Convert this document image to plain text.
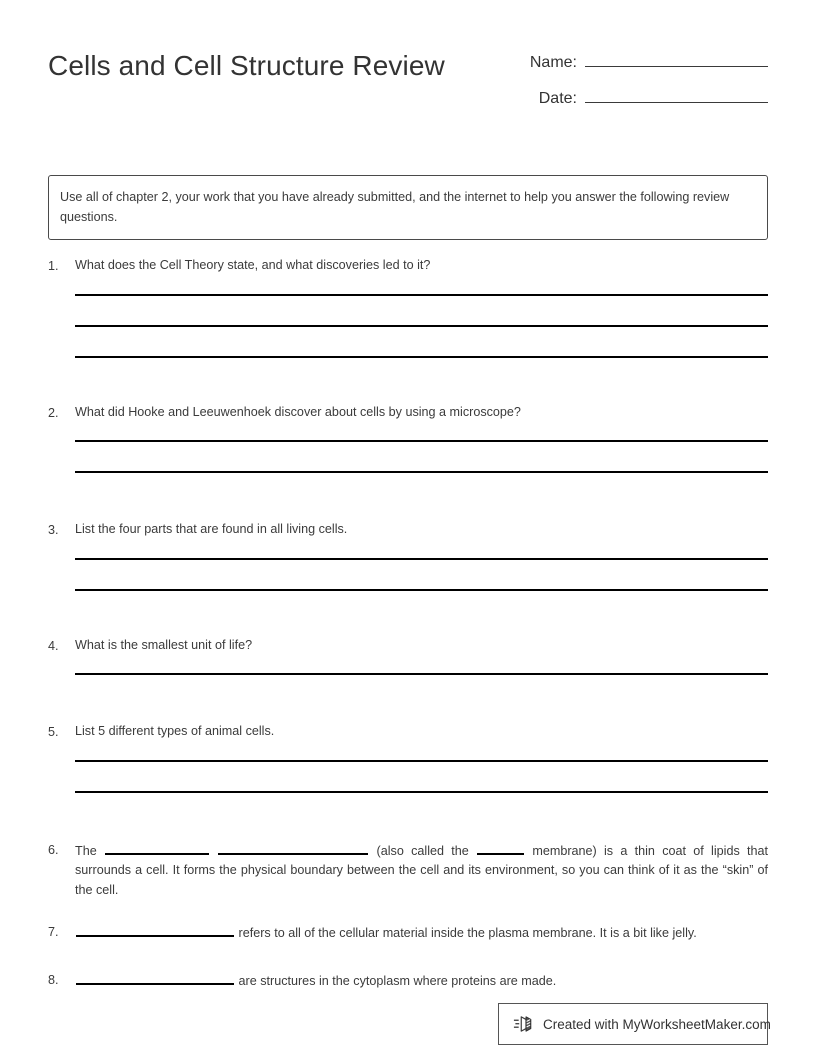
Cells and Cell Structure Review	Name:
Date:

Use all of chapter 2, your work that you have already submitted, and the internet to help you answer the following review questions.

1.	What does the Cell Theory state, and what discoveries led to it?

2.	What did Hooke and Leeuwenhoek discover about cells by using a microscope?

3.	List the four parts that are found in all living cells.

4.	What is the smallest unit of life?

5.	List 5 different types of animal cells.

6.	The	(also called the	membrane) is a thin coat of lipids that surrounds a cell. It forms the physical boundary between the cell and its environment, so you can think of it as the “skin” of the cell.

7.	refers to all of the cellular material inside the plasma membrane. It is a bit like jelly.

8.	are structures in the cytoplasm where proteins are made.

Created with MyWorksheetMaker.com
